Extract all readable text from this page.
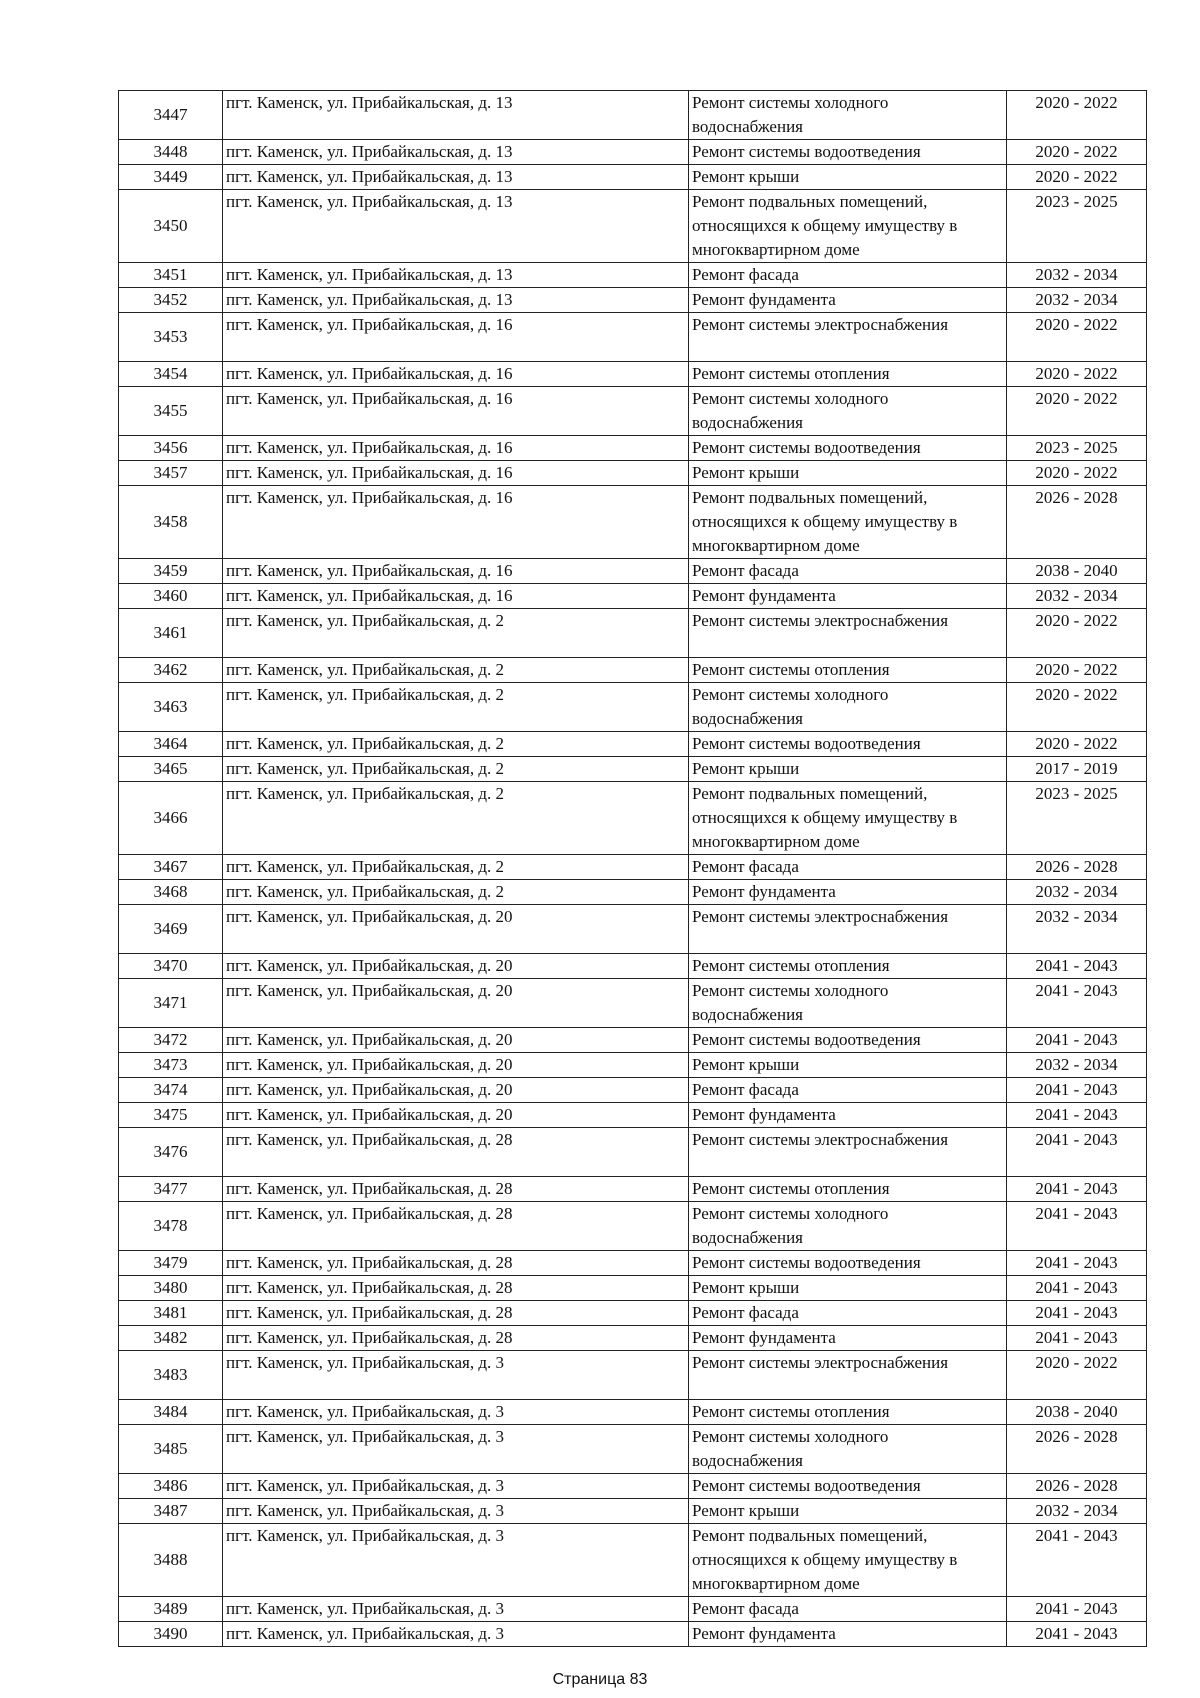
3447	пгт. Каменск, ул. Прибайкальская, д. 13	Ремонт системы холодного водоснабжения	2020 - 2022
3448	пгт. Каменск, ул. Прибайкальская, д. 13	Ремонт системы водоотведения	2020 - 2022
3449	пгт. Каменск, ул. Прибайкальская, д. 13	Ремонт крыши	2020 - 2022
3450	пгт. Каменск, ул. Прибайкальская, д. 13	Ремонт подвальных помещений, относящихся к общему имуществу в многоквартирном доме	2023 - 2025
3451	пгт. Каменск, ул. Прибайкальская, д. 13	Ремонт фасада	2032 - 2034
3452	пгт. Каменск, ул. Прибайкальская, д. 13	Ремонт фундамента	2032 - 2034
3453	пгт. Каменск, ул. Прибайкальская, д. 16	Ремонт системы электроснабжения	2020 - 2022
3454	пгт. Каменск, ул. Прибайкальская, д. 16	Ремонт системы отопления	2020 - 2022
3455	пгт. Каменск, ул. Прибайкальская, д. 16	Ремонт системы холодного водоснабжения	2020 - 2022
3456	пгт. Каменск, ул. Прибайкальская, д. 16	Ремонт системы водоотведения	2023 - 2025
3457	пгт. Каменск, ул. Прибайкальская, д. 16	Ремонт крыши	2020 - 2022
3458	пгт. Каменск, ул. Прибайкальская, д. 16	Ремонт подвальных помещений, относящихся к общему имуществу в многоквартирном доме	2026 - 2028
3459	пгт. Каменск, ул. Прибайкальская, д. 16	Ремонт фасада	2038 - 2040
3460	пгт. Каменск, ул. Прибайкальская, д. 16	Ремонт фундамента	2032 - 2034
3461	пгт. Каменск, ул. Прибайкальская, д. 2	Ремонт системы электроснабжения	2020 - 2022
3462	пгт. Каменск, ул. Прибайкальская, д. 2	Ремонт системы отопления	2020 - 2022
3463	пгт. Каменск, ул. Прибайкальская, д. 2	Ремонт системы холодного водоснабжения	2020 - 2022
3464	пгт. Каменск, ул. Прибайкальская, д. 2	Ремонт системы водоотведения	2020 - 2022
3465	пгт. Каменск, ул. Прибайкальская, д. 2	Ремонт крыши	2017 - 2019
3466	пгт. Каменск, ул. Прибайкальская, д. 2	Ремонт подвальных помещений, относящихся к общему имуществу в многоквартирном доме	2023 - 2025
3467	пгт. Каменск, ул. Прибайкальская, д. 2	Ремонт фасада	2026 - 2028
3468	пгт. Каменск, ул. Прибайкальская, д. 2	Ремонт фундамента	2032 - 2034
3469	пгт. Каменск, ул. Прибайкальская, д. 20	Ремонт системы электроснабжения	2032 - 2034
3470	пгт. Каменск, ул. Прибайкальская, д. 20	Ремонт системы отопления	2041 - 2043
3471	пгт. Каменск, ул. Прибайкальская, д. 20	Ремонт системы холодного водоснабжения	2041 - 2043
3472	пгт. Каменск, ул. Прибайкальская, д. 20	Ремонт системы водоотведения	2041 - 2043
3473	пгт. Каменск, ул. Прибайкальская, д. 20	Ремонт крыши	2032 - 2034
3474	пгт. Каменск, ул. Прибайкальская, д. 20	Ремонт фасада	2041 - 2043
3475	пгт. Каменск, ул. Прибайкальская, д. 20	Ремонт фундамента	2041 - 2043
3476	пгт. Каменск, ул. Прибайкальская, д. 28	Ремонт системы электроснабжения	2041 - 2043
3477	пгт. Каменск, ул. Прибайкальская, д. 28	Ремонт системы отопления	2041 - 2043
3478	пгт. Каменск, ул. Прибайкальская, д. 28	Ремонт системы холодного водоснабжения	2041 - 2043
3479	пгт. Каменск, ул. Прибайкальская, д. 28	Ремонт системы водоотведения	2041 - 2043
3480	пгт. Каменск, ул. Прибайкальская, д. 28	Ремонт крыши	2041 - 2043
3481	пгт. Каменск, ул. Прибайкальская, д. 28	Ремонт фасада	2041 - 2043
3482	пгт. Каменск, ул. Прибайкальская, д. 28	Ремонт фундамента	2041 - 2043
3483	пгт. Каменск, ул. Прибайкальская, д. 3	Ремонт системы электроснабжения	2020 - 2022
3484	пгт. Каменск, ул. Прибайкальская, д. 3	Ремонт системы отопления	2038 - 2040
3485	пгт. Каменск, ул. Прибайкальская, д. 3	Ремонт системы холодного водоснабжения	2026 - 2028
3486	пгт. Каменск, ул. Прибайкальская, д. 3	Ремонт системы водоотведения	2026 - 2028
3487	пгт. Каменск, ул. Прибайкальская, д. 3	Ремонт крыши	2032 - 2034
3488	пгт. Каменск, ул. Прибайкальская, д. 3	Ремонт подвальных помещений, относящихся к общему имуществу в многоквартирном доме	2041 - 2043
3489	пгт. Каменск, ул. Прибайкальская, д. 3	Ремонт фасада	2041 - 2043
3490	пгт. Каменск, ул. Прибайкальская, д. 3	Ремонт фундамента	2041 - 2043
Страница 83
